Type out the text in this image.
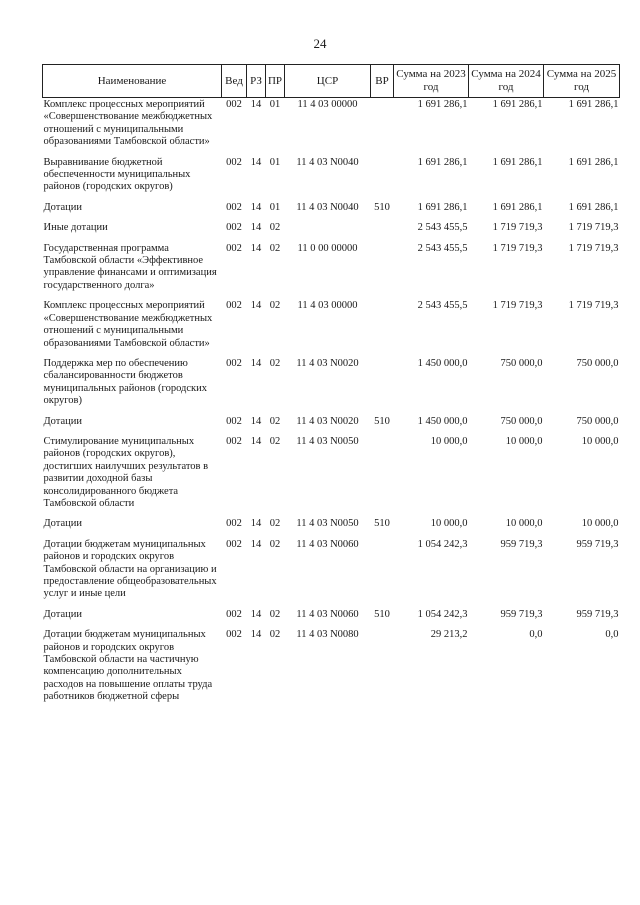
24
Наименование	Вед	РЗ	ПР	ЦСР	ВР	Сумма на 2023 год	Сумма на 2024 год	Сумма на 2025 год
Комплекс процессных мероприятий «Совершенствование межбюджетных отношений с муниципальными образованиями Тамбовской области»	002	14	01	11 4 03 00000		1 691 286,1	1 691 286,1	1 691 286,1
Выравнивание бюджетной обеспеченности муниципальных районов (городских округов)	002	14	01	11 4 03 N0040		1 691 286,1	1 691 286,1	1 691 286,1
Дотации	002	14	01	11 4 03 N0040	510	1 691 286,1	1 691 286,1	1 691 286,1
Иные дотации	002	14	02			2 543 455,5	1 719 719,3	1 719 719,3
Государственная программа Тамбовской области «Эффективное управление финансами и оптимизация государственного долга»	002	14	02	11 0 00 00000		2 543 455,5	1 719 719,3	1 719 719,3
Комплекс процессных мероприятий «Совершенствование межбюджетных отношений с муниципальными образованиями Тамбовской области»	002	14	02	11 4 03 00000		2 543 455,5	1 719 719,3	1 719 719,3
Поддержка мер по обеспечению сбалансированности бюджетов муниципальных районов (городских округов)	002	14	02	11 4 03 N0020		1 450 000,0	750 000,0	750 000,0
Дотации	002	14	02	11 4 03 N0020	510	1 450 000,0	750 000,0	750 000,0
Стимулирование муниципальных районов (городских округов), достигших наилучших результатов в развитии доходной базы консолидированного бюджета Тамбовской области	002	14	02	11 4 03 N0050		10 000,0	10 000,0	10 000,0
Дотации	002	14	02	11 4 03 N0050	510	10 000,0	10 000,0	10 000,0
Дотации бюджетам муниципальных районов и городских округов Тамбовской области на организацию и предоставление общеобразовательных услуг и иные цели	002	14	02	11 4 03 N0060		1 054 242,3	959 719,3	959 719,3
Дотации	002	14	02	11 4 03 N0060	510	1 054 242,3	959 719,3	959 719,3
Дотации бюджетам муниципальных районов и городских округов Тамбовской области на частичную компенсацию дополнительных расходов на повышение оплаты труда работников бюджетной сферы	002	14	02	11 4 03 N0080		29 213,2	0,0	0,0
